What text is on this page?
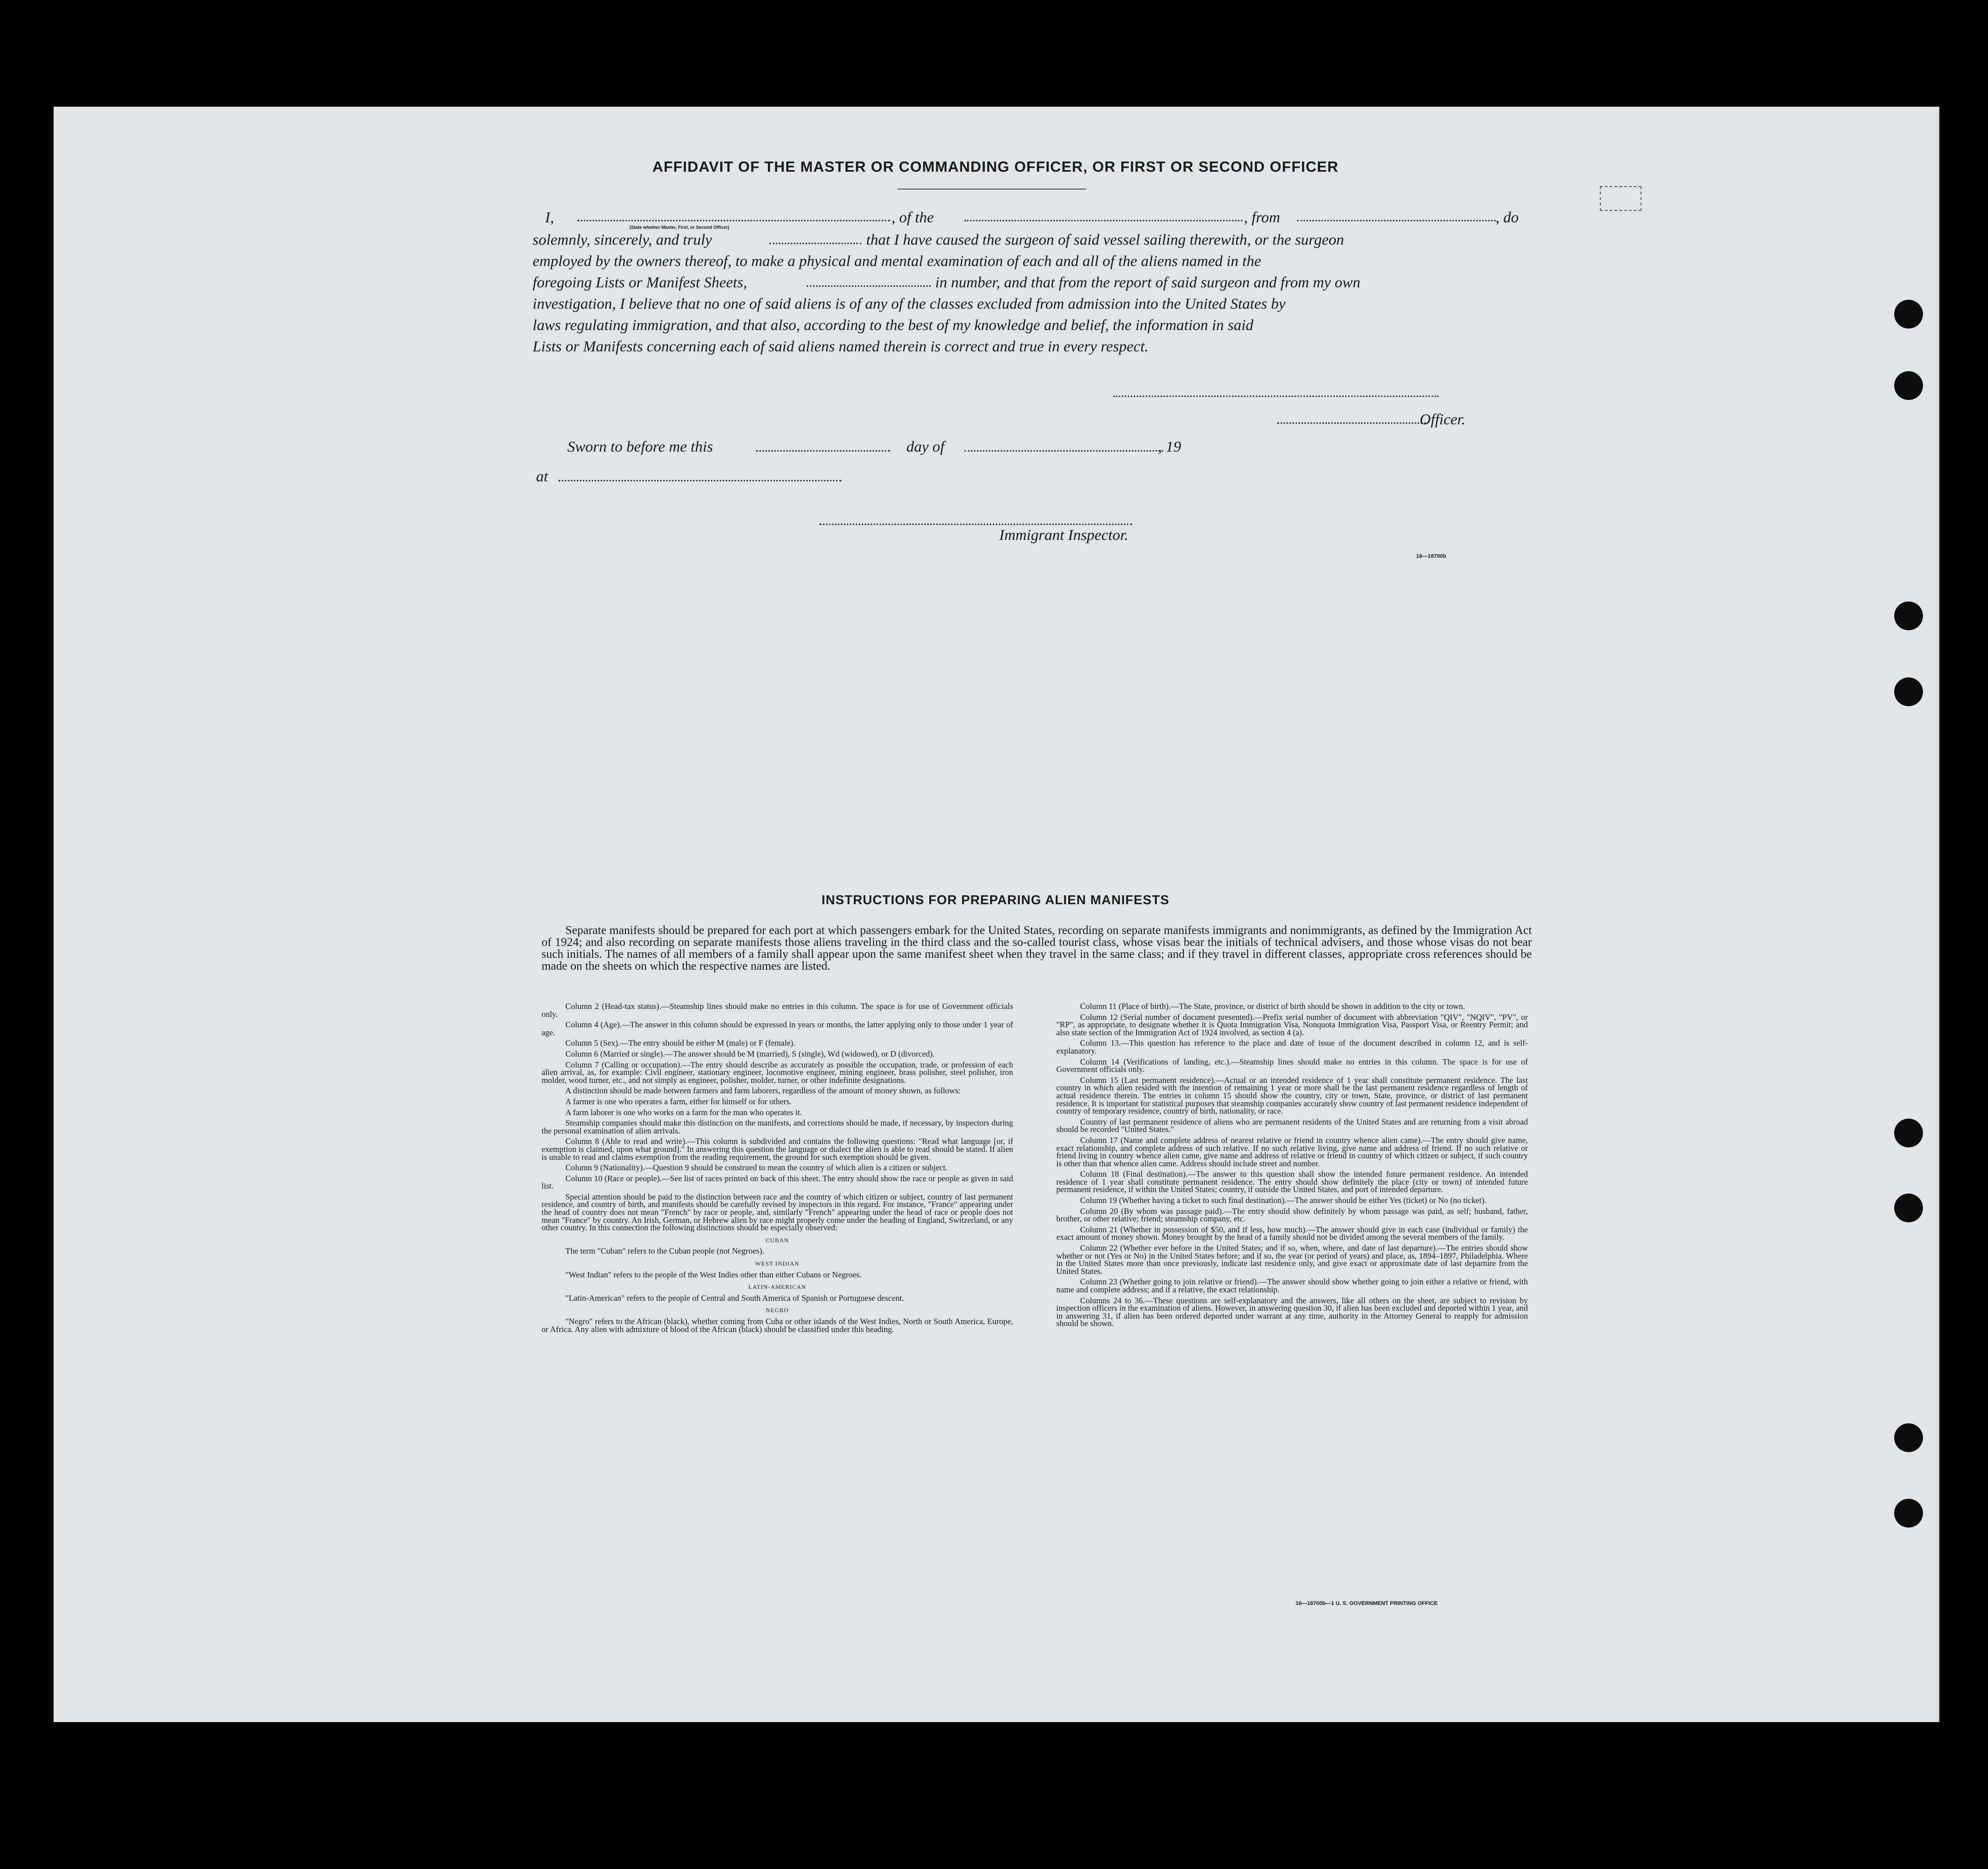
AFFIDAVIT OF THE MASTER OR COMMANDING OFFICER, OR FIRST OR SECOND OFFICER
I,
(State whether Master, First, or Second Officer)
, of the	, from	, do
solemnly, sincerely, and truly	that I have caused the surgeon of said vessel sailing therewith, or the surgeon
employed by the owners thereof, to make a physical and mental examination of each and all of the aliens named in the
foregoing Lists or Manifest Sheets,	in number, and that from the report of said surgeon and from my own
investigation, I believe that no one of said aliens is of any of the classes excluded from admission into the United States by
laws regulating immigration, and that also, according to the best of my knowledge and belief, the information in said
Lists or Manifests concerning each of said aliens named therein is correct and true in every respect.
Officer.
Sworn to before me this	day of	, 19
at
Immigrant Inspector.
16—18700b
INSTRUCTIONS FOR PREPARING ALIEN MANIFESTS
Separate manifests should be prepared for each port at which passengers embark for the United States, recording on separate manifests immigrants and nonimmigrants, as defined by the Immigration Act of 1924; and also recording on separate manifests those aliens traveling in the third class and the so-called tourist class, whose visas bear the initials of technical advisers, and those whose visas do not bear such initials. The names of all members of a family shall appear upon the same manifest sheet when they travel in the same class; and if they travel in different classes, appropriate cross references should be made on the sheets on which the respective names are listed.

Column 2 (Head-tax status).—Steamship lines should make no entries in this column. The space is for use of Government officials only.

Column 4 (Age).—The answer in this column should be expressed in years or months, the latter applying only to those under 1 year of age.

Column 5 (Sex).—The entry should be either M (male) or F (female).

Column 6 (Married or single).—The answer should be M (married), S (single), Wd (widowed), or D (divorced).

Column 7 (Calling or occupation).—The entry should describe as accurately as possible the occupation, trade, or profession of each alien arrival, as, for example: Civil engineer, stationary engineer, locomotive engineer, mining engineer, brass polisher, steel polisher, iron molder, wood turner, etc., and not simply as engineer, polisher, molder, turner, or other indefinite designations.

A distinction should be made between farmers and farm laborers, regardless of the amount of money shown, as follows:

A farmer is one who operates a farm, either for himself or for others.

A farm laborer is one who works on a farm for the man who operates it.

Steamship companies should make this distinction on the manifests, and corrections should be made, if necessary, by inspectors during the personal examination of alien arrivals.

Column 8 (Able to read and write).—This column is subdivided and contains the following questions: "Read what language [or, if exemption is claimed, upon what ground]." In answering this question the language or dialect the alien is able to read should be stated. If alien is unable to read and claims exemption from the reading requirement, the ground for such exemption should be given.

Column 9 (Nationality).—Question 9 should be construed to mean the country of which alien is a citizen or subject.

Column 10 (Race or people).—See list of races printed on back of this sheet. The entry should show the race or people as given in said list.

Special attention should be paid to the distinction between race and the country of which citizen or subject, country of last permanent residence, and country of birth, and manifests should be carefully revised by inspectors in this regard. For instance, "France" appearing under the head of country does not mean "French" by race or people, and, similarly "French" appearing under the head of race or people does not mean "France" by country. An Irish, German, or Hebrew alien by race might properly come under the heading of England, Switzerland, or any other country. In this connection the following distinctions should be especially observed:

CUBAN

The term "Cuban" refers to the Cuban people (not Negroes).

WEST INDIAN

"West Indian" refers to the people of the West Indies other than either Cubans or Negroes.

LATIN-AMERICAN

"Latin-American" refers to the people of Central and South America of Spanish or Portuguese descent.

NEGRO

"Negro" refers to the African (black), whether coming from Cuba or other islands of the West Indies, North or South America, Europe, or Africa. Any alien with admixture of blood of the African (black) should be classified under this heading.

Column 11 (Place of birth).—The State, province, or district of birth should be shown in addition to the city or town.

Column 12 (Serial number of document presented).—Prefix serial number of document with abbreviation "QIV", "NQIV", "PV", or "RP", as appropriate, to designate whether it is Quota Immigration Visa, Nonquota Immigration Visa, Passport Visa, or Reentry Permit; and also state section of the Immigration Act of 1924 involved, as section 4 (a).

Column 13.—This question has reference to the place and date of issue of the document described in column 12, and is self-explanatory.

Column 14 (Verifications of landing, etc.).—Steamship lines should make no entries in this column. The space is for use of Government officials only.

Column 15 (Last permanent residence).—Actual or an intended residence of 1 year shall constitute permanent residence. The last country in which alien resided with the intention of remaining 1 year or more shall be the last permanent residence regardless of length of actual residence therein. The entries in column 15 should show the country, city or town, State, province, or district of last permanent residence. It is important for statistical purposes that steamship companies accurately show country of last permanent residence independent of country of temporary residence, country of birth, nationality, or race.

Country of last permanent residence of aliens who are permanent residents of the United States and are returning from a visit abroad should be recorded "United States."

Column 17 (Name and complete address of nearest relative or friend in country whence alien came).—The entry should give name, exact relationship, and complete address of such relative. If no such relative living, give name and address of friend. If no such relative or friend living in country whence alien came, give name and address of relative or friend in country of which citizen or subject, if such country is other than that whence alien came. Address should include street and number.

Column 18 (Final destination).—The answer to this question shall show the intended future permanent residence. An intended residence of 1 year shall constitute permanent residence. The entry should show definitely the place (city or town) of intended future permanent residence, if within the United States; country, if outside the United States, and port of intended departure.

Column 19 (Whether having a ticket to such final destination).—The answer should be either Yes (ticket) or No (no ticket).

Column 20 (By whom was passage paid).—The entry should show definitely by whom passage was paid, as self; husband, father, brother, or other relative; friend; steamship company, etc.

Column 21 (Whether in possession of $50, and if less, how much).—The answer should give in each case (individual or family) the exact amount of money shown. Money brought by the head of a family should not be divided among the several members of the family.

Column 22 (Whether ever before in the United States; and if so, when, where, and date of last departure).—The entries should show whether or not (Yes or No) in the United States before; and if so, the year (or period of years) and place, as, 1894–1897, Philadelphia. Where in the United States more than once previously, indicate last residence only, and give exact or approximate date of last departure from the United States.

Column 23 (Whether going to join relative or friend).—The answer should show whether going to join either a relative or friend, with name and complete address; and if a relative, the exact relationship.

Columns 24 to 36.—These questions are self-explanatory and the answers, like all others on the sheet, are subject to revision by inspection officers in the examination of aliens. However, in answering question 30, if alien has been excluded and deported within 1 year, and in answering 31, if alien has been ordered deported under warrant at any time, authority in the Attorney General to reapply for admission should be shown.

16—18700b—1 U. S. GOVERNMENT PRINTING OFFICE
